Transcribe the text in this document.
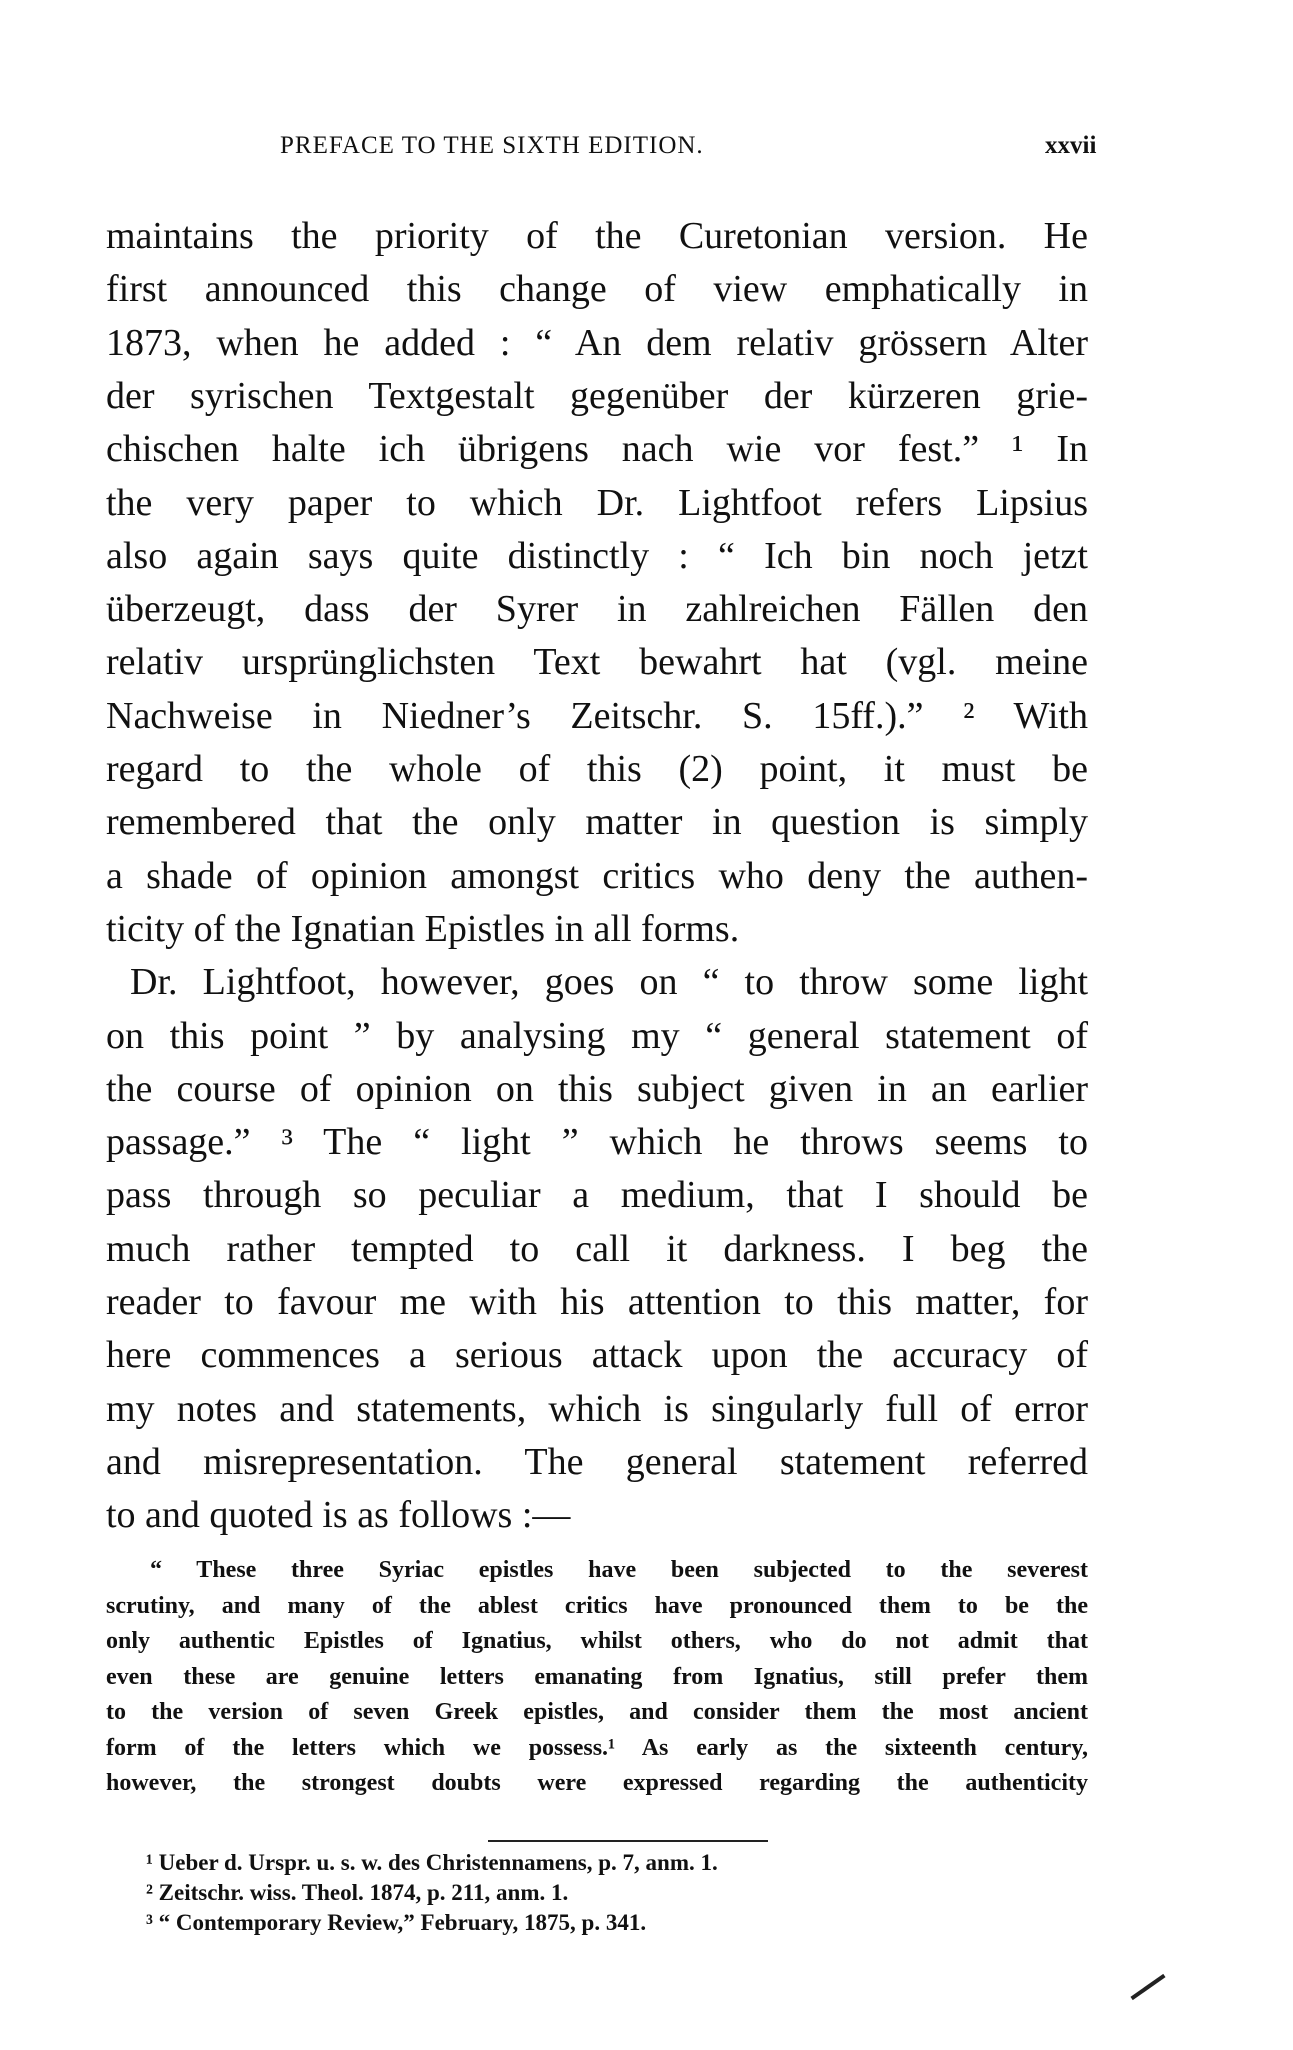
PREFACE TO THE SIXTH EDITION.	xxvii
maintains the priority of the Curetonian version. He
first announced this change of view emphatically in
1873, when he added : “ An dem relativ grössern Alter
der syrischen Textgestalt gegenüber der kürzeren grie-
chischen halte ich übrigens nach wie vor fest.” ¹ In
the very paper to which Dr. Lightfoot refers Lipsius
also again says quite distinctly : “ Ich bin noch jetzt
überzeugt, dass der Syrer in zahlreichen Fällen den
relativ ursprünglichsten Text bewahrt hat (vgl. meine
Nachweise in Niedner’s Zeitschr. S. 15ff.).” ² With
regard to the whole of this (2) point, it must be
remembered that the only matter in question is simply
a shade of opinion amongst critics who deny the authen-
ticity of the Ignatian Epistles in all forms.
Dr. Lightfoot, however, goes on “ to throw some light
on this point ” by analysing my “ general statement of
the course of opinion on this subject given in an earlier
passage.” ³ The “ light ” which he throws seems to
pass through so peculiar a medium, that I should be
much rather tempted to call it darkness. I beg the
reader to favour me with his attention to this matter, for
here commences a serious attack upon the accuracy of
my notes and statements, which is singularly full of error
and misrepresentation. The general statement referred
to and quoted is as follows :—
“ These three Syriac epistles have been subjected to the severest
scrutiny, and many of the ablest critics have pronounced them to be the
only authentic Epistles of Ignatius, whilst others, who do not admit that
even these are genuine letters emanating from Ignatius, still prefer them
to the version of seven Greek epistles, and consider them the most ancient
form of the letters which we possess.¹ As early as the sixteenth century,
however, the strongest doubts were expressed regarding the authenticity
¹ Ueber d. Urspr. u. s. w. des Christennamens, p. 7, anm. 1.
² Zeitschr. wiss. Theol. 1874, p. 211, anm. 1.
³ “ Contemporary Review,” February, 1875, p. 341.
